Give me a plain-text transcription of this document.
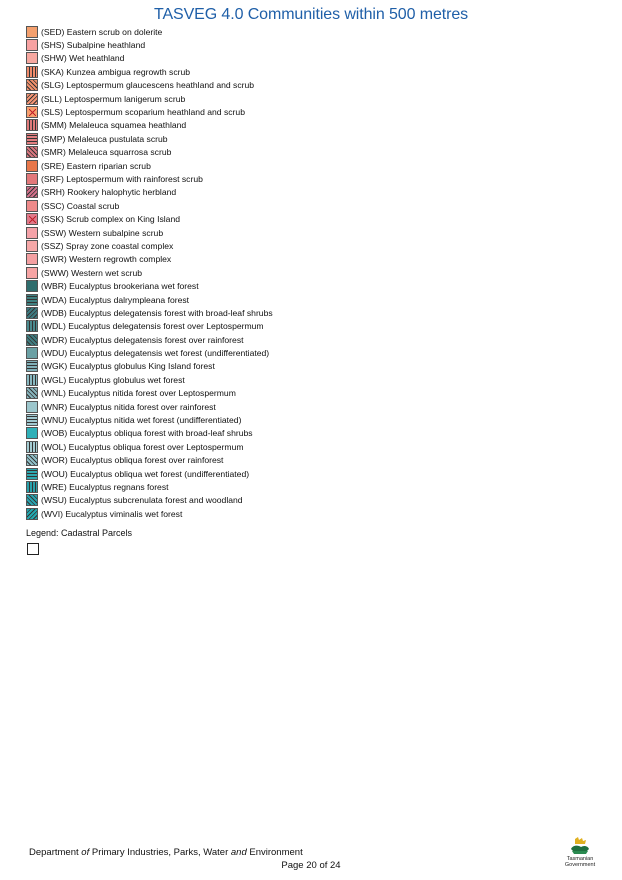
TASVEG 4.0 Communities within 500 metres
(SED) Eastern scrub on dolerite
(SHS) Subalpine heathland
(SHW) Wet heathland
(SKA) Kunzea ambigua regrowth scrub
(SLG) Leptospermum glaucescens heathland and scrub
(SLL) Leptospermum lanigerum scrub
(SLS) Leptospermum scoparium heathland and scrub
(SMM) Melaleuca squamea heathland
(SMP) Melaleuca pustulata scrub
(SMR) Melaleuca squarrosa scrub
(SRE) Eastern riparian scrub
(SRF) Leptospermum with rainforest scrub
(SRH) Rookery halophytic herbland
(SSC) Coastal scrub
(SSK) Scrub complex on King Island
(SSW) Western subalpine scrub
(SSZ) Spray zone coastal complex
(SWR) Western regrowth complex
(SWW) Western wet scrub
(WBR) Eucalyptus brookeriana wet forest
(WDA) Eucalyptus dalrympleana forest
(WDB) Eucalyptus delegatensis forest with broad-leaf shrubs
(WDL) Eucalyptus delegatensis forest over Leptospermum
(WDR) Eucalyptus delegatensis forest over rainforest
(WDU) Eucalyptus delegatensis wet forest (undifferentiated)
(WGK) Eucalyptus globulus King Island forest
(WGL) Eucalyptus globulus wet forest
(WNL) Eucalyptus nitida forest over Leptospermum
(WNR) Eucalyptus nitida forest over rainforest
(WNU) Eucalyptus nitida wet forest (undifferentiated)
(WOB) Eucalyptus obliqua forest with broad-leaf shrubs
(WOL) Eucalyptus obliqua forest over Leptospermum
(WOR) Eucalyptus obliqua forest over rainforest
(WOU) Eucalyptus obliqua wet forest (undifferentiated)
(WRE) Eucalyptus regnans forest
(WSU) Eucalyptus subcrenulata forest and woodland
(WVI) Eucalyptus viminalis wet forest
Legend: Cadastral Parcels
Department of Primary Industries, Parks, Water and Environment
Page 20 of 24
Tasmanian
Government
